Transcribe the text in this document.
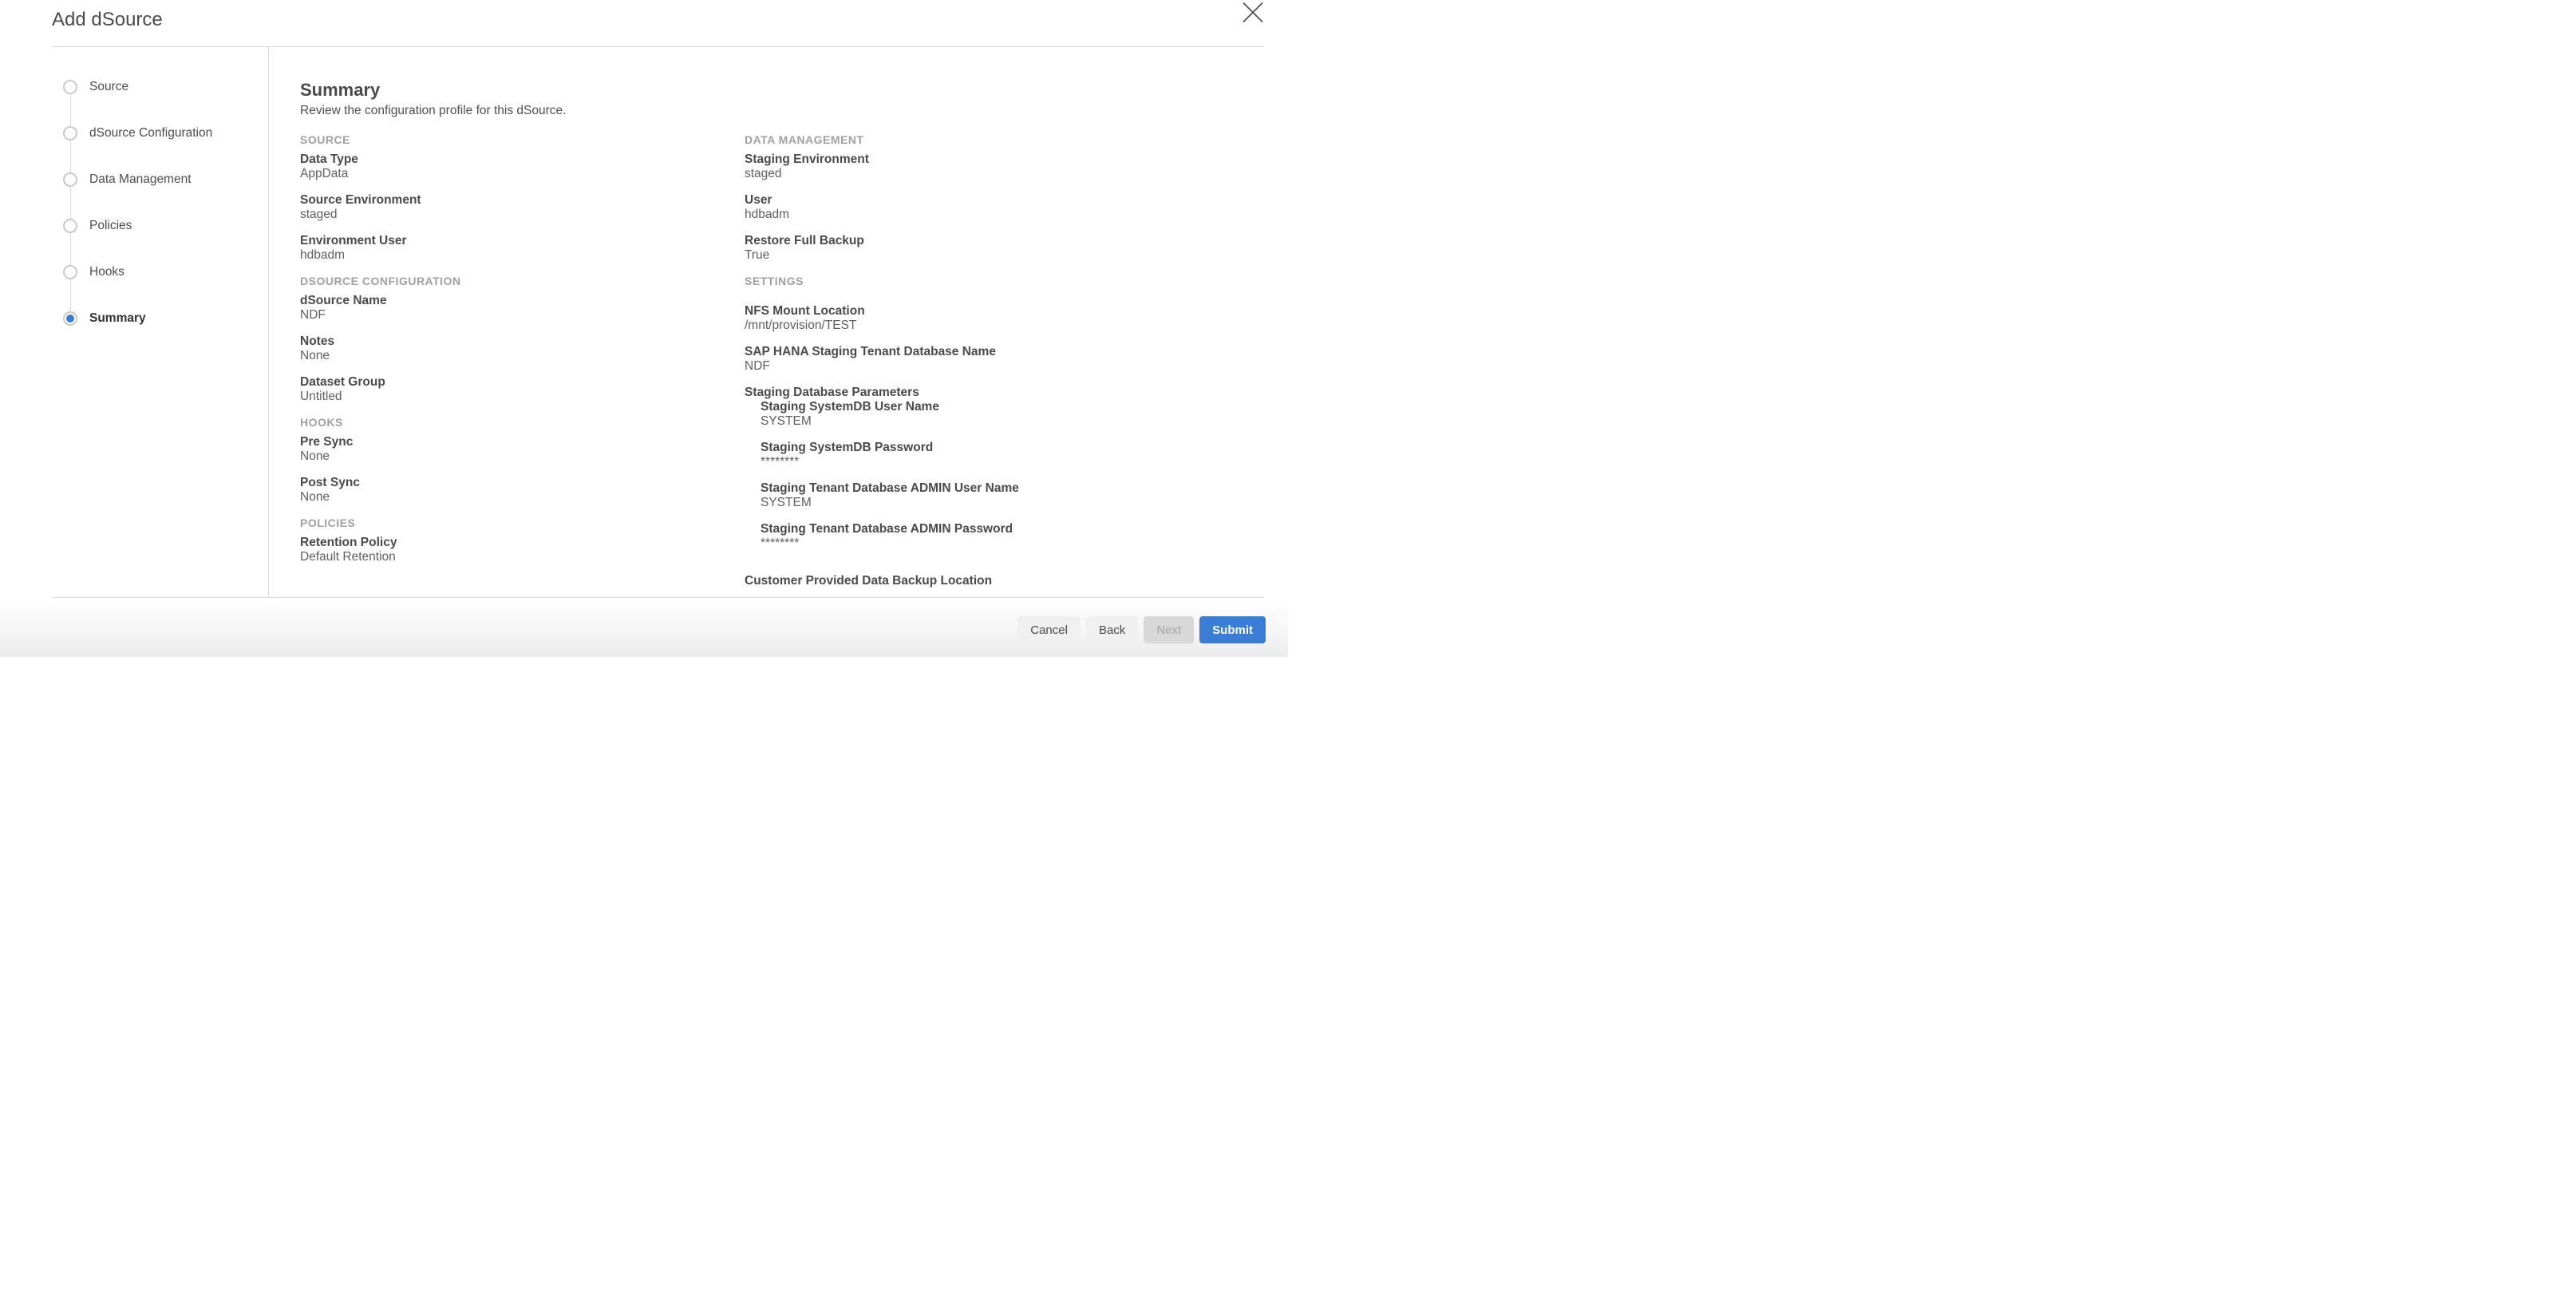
Add dSource
Source
dSource Configuration
Data Management
Policies
Hooks
Summary
Summary
Review the configuration profile for this dSource.
SOURCE
Data Type
AppData
Source Environment
staged
Environment User
hdbadm
DSOURCE CONFIGURATION
dSource Name
NDF
Notes
None
Dataset Group
Untitled
HOOKS
Pre Sync
None
Post Sync
None
POLICIES
Retention Policy
Default Retention
DATA MANAGEMENT
Staging Environment
staged
User
hdbadm
Restore Full Backup
True
SETTINGS
NFS Mount Location
/mnt/provision/TEST
SAP HANA Staging Tenant Database Name
NDF
Staging Database Parameters
Staging SystemDB User Name
SYSTEM
Staging SystemDB Password
********
Staging Tenant Database ADMIN User Name
SYSTEM
Staging Tenant Database ADMIN Password
********
Customer Provided Data Backup Location
Cancel	Back	Next	Submit
